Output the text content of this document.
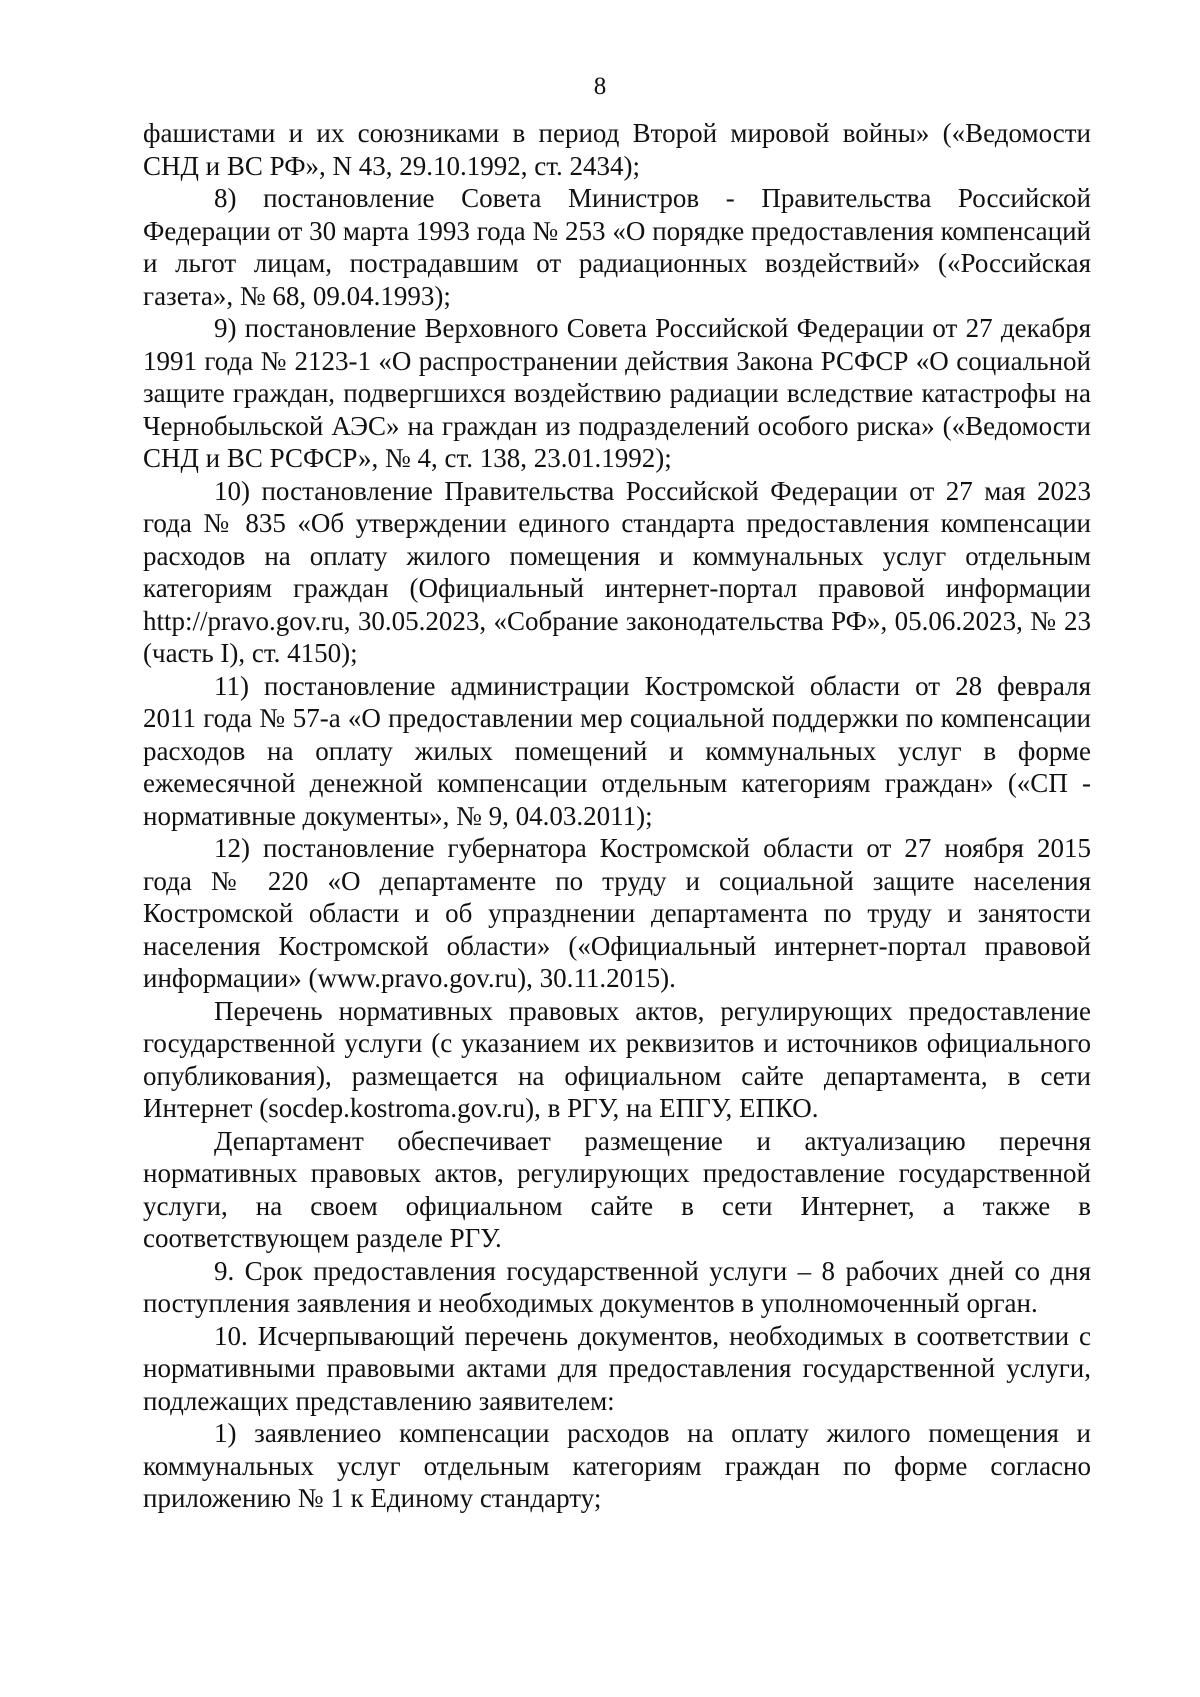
8

фашистами и их союзниками в период Второй мировой войны» («Ведомости СНД и ВС РФ», N 43, 29.10.1992, ст. 2434);

8) постановление Совета Министров - Правительства Российской Федерации от 30 марта 1993 года № 253 «О порядке предоставления компенсаций и льгот лицам, пострадавшим от радиационных воздействий» («Российская газета», № 68, 09.04.1993);

9) постановление Верховного Совета Российской Федерации от 27 декабря 1991 года № 2123-1 «О распространении действия Закона РСФСР «О социальной защите граждан, подвергшихся воздействию радиации вследствие катастрофы на Чернобыльской АЭС» на граждан из подразделений особого риска» («Ведомости СНД и ВС РСФСР», № 4, ст. 138, 23.01.1992);

10) постановление Правительства Российской Федерации от 27 мая 2023 года № 835 «Об утверждении единого стандарта предоставления компенсации расходов на оплату жилого помещения и коммунальных услуг отдельным категориям граждан (Официальный интернет-портал правовой информации http://pravo.gov.ru, 30.05.2023, «Собрание законодательства РФ», 05.06.2023, № 23 (часть I), ст. 4150);

11) постановление администрации Костромской области от 28 февраля 2011 года № 57-а «О предоставлении мер социальной поддержки по компенсации расходов на оплату жилых помещений и коммунальных услуг в форме ежемесячной денежной компенсации отдельным категориям граждан» («СП - нормативные документы», № 9, 04.03.2011);

12) постановление губернатора Костромской области от 27 ноября 2015 года № 220 «О департаменте по труду и социальной защите населения Костромской области и об упразднении департамента по труду и занятости населения Костромской области» («Официальный интернет-портал правовой информации» (www.pravo.gov.ru), 30.11.2015).

Перечень нормативных правовых актов, регулирующих предоставление государственной услуги (с указанием их реквизитов и источников официального опубликования), размещается на официальном сайте департамента, в сети Интернет (socdep.kostroma.gov.ru), в РГУ, на ЕПГУ, ЕПКО.

Департамент обеспечивает размещение и актуализацию перечня нормативных правовых актов, регулирующих предоставление государственной услуги, на своем официальном сайте в сети Интернет, а также в соответствующем разделе РГУ.

9. Срок предоставления государственной услуги – 8 рабочих дней со дня поступления заявления и необходимых документов в уполномоченный орган.

10. Исчерпывающий перечень документов, необходимых в соответствии с нормативными правовыми актами для предоставления государственной услуги, подлежащих представлению заявителем:

1) заявлениео компенсации расходов на оплату жилого помещения и коммунальных услуг отдельным категориям граждан по форме согласно приложению № 1 к Единому стандарту;
